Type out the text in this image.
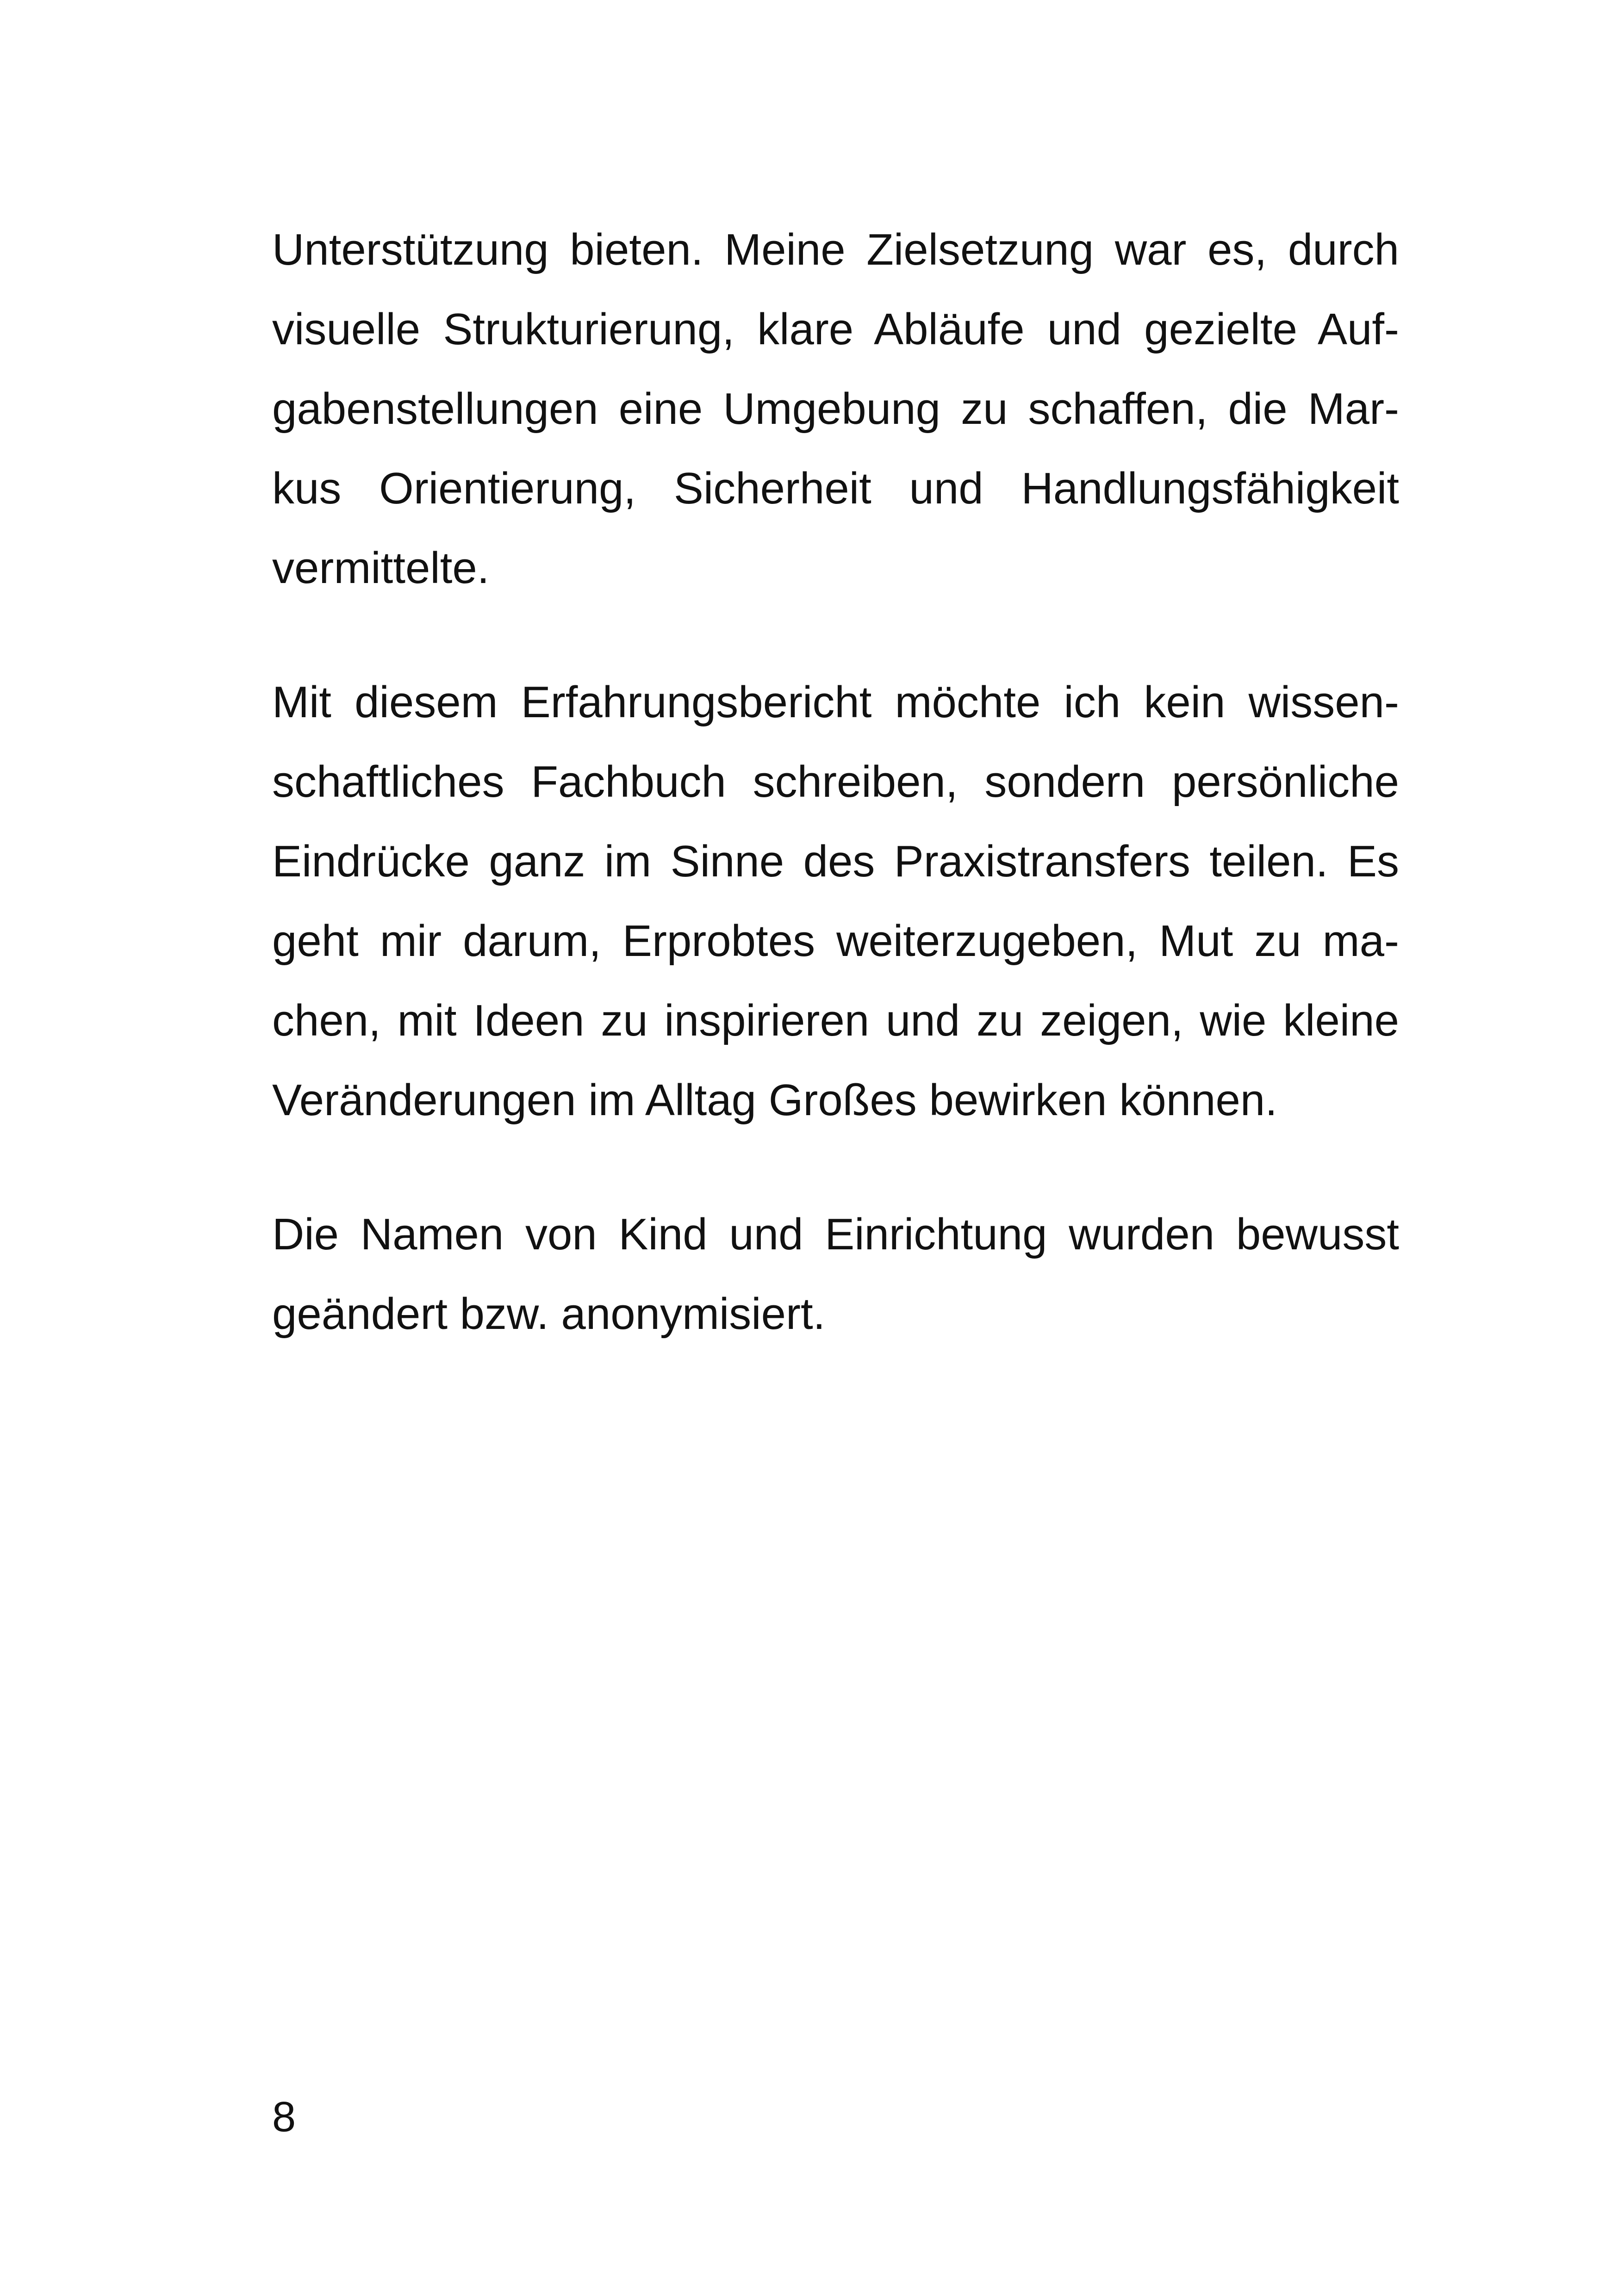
Unterstützung bieten. Meine Zielsetzung war es, durch
visuelle Strukturierung, klare Abläufe und gezielte Auf-
gabenstellungen eine Umgebung zu schaffen, die Mar-
kus Orientierung, Sicherheit und Handlungsfähigkeit
vermittelte.
Mit diesem Erfahrungsbericht möchte ich kein wissen-
schaftliches Fachbuch schreiben, sondern persönliche
Eindrücke ganz im Sinne des Praxistransfers teilen. Es
geht mir darum, Erprobtes weiterzugeben, Mut zu ma-
chen, mit Ideen zu inspirieren und zu zeigen, wie kleine
Veränderungen im Alltag Großes bewirken können.
Die Namen von Kind und Einrichtung wurden bewusst
geändert bzw. anonymisiert.
8
